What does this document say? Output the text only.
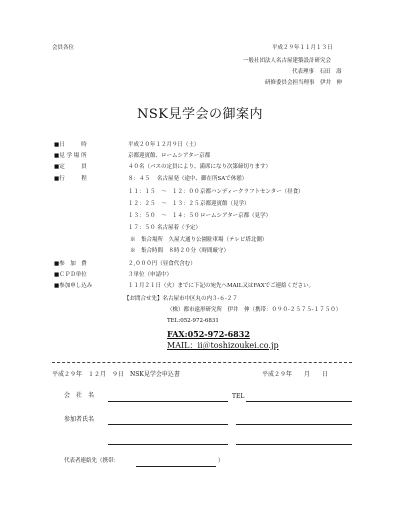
会員各位	平成２９年１１月１３日
一般社団法人名古屋建築設計研究会
代表理事　石田　壽
研修委員会担当理事　伊井　伸
NSK見学会の御案内
■日　　　時	平成２０年１２月９日（土）
■見 学 場 所	京都迎賓館、ロームシアター京都
■定　　　員	４０名（バスの定員により、満席になり次第締切ります）
■行　　　程	８：４５ 名古屋発（途中、御在所SAで休憩）
１１：１５　～　１２：００ 京都ハンディークラフトセンター（昼食）
１２：２５　～　１３：２５ 京都迎賓館（見学）
１３：５０　～　１４：５０ ロームシアター京都（見学）
１７：５０ 名古屋着（予定）
※　集合場所　久屋大通り公園駐車場（テレビ塔北側）
※　集合時間　８時２０分（時間厳守）
■参　加　費	２,０００円（昼食代含む）
■ＣＰＤ単位	３単位（申請中）
■参加申し込み	１１月２１日（火）までに下記の宛先へMAIL又はFAXでご連絡ください。
【お問合せ先】名古屋市中区丸の内３-６-２７
（株）都市遠形研究所　伊井　伸（携帯：０９０-２５７５-１７５０）
TEL:052-972-6831
FAX:052-972-6832
MAIL：ii＠toshizoukei.co.jp
平成２９年　１２月　９日　NSK見学会申込書	平成２９年　　月　　日
会　社　名	TEL
参加者氏名
代表者連絡先（携帯：	）
